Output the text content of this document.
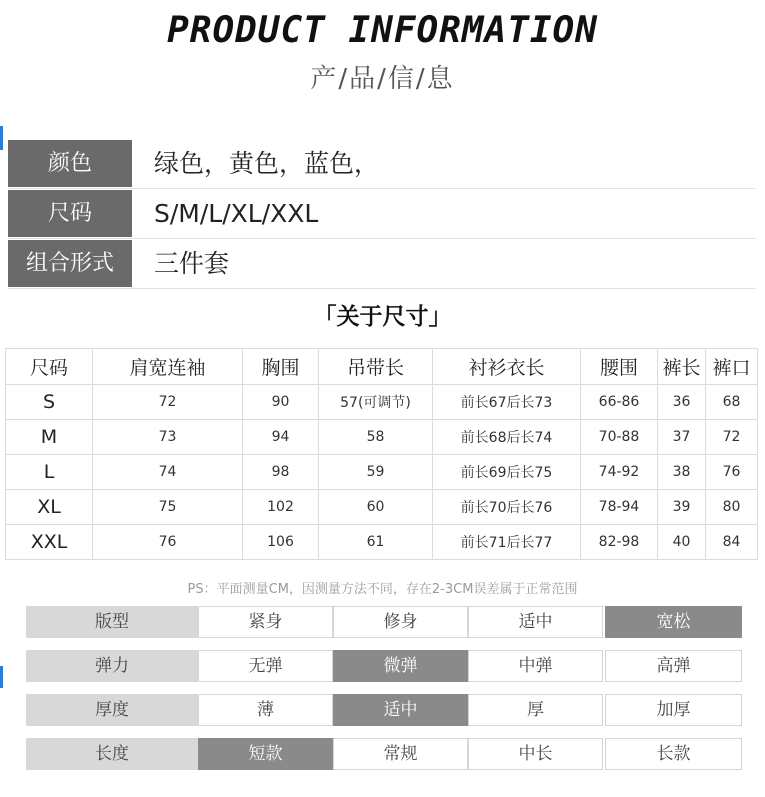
PRODUCT INFORMATION
产/品/信/息
颜色	绿色，黄色，蓝色，
尺码	S/M/L/XL/XXL
组合形式	三件套
「关于尺寸」
尺码	肩宽连袖	胸围	吊带长	衬衫衣长	腰围	裤长	裤口
S	72	90	57(可调节)	前长67后长73	66-86	36	68
M	73	94	58	前长68后长74	70-88	37	72
L	74	98	59	前长69后长75	74-92	38	76
XL	75	102	60	前长70后长76	78-94	39	80
XXL	76	106	61	前长71后长77	82-98	40	84
PS：平面测量CM，因测量方法不同，存在2-3CM误差属于正常范围
版型	紧身	修身	适中	宽松
弹力	无弹	微弹	中弹	高弹
厚度	薄	适中	厚	加厚
长度	短款	常规	中长	长款
